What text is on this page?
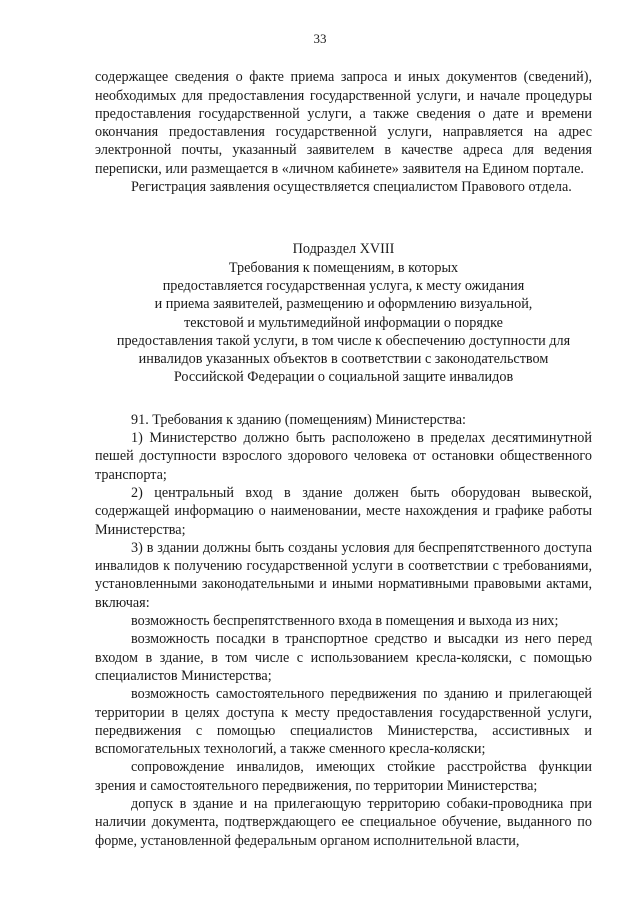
33

содержащее сведения о факте приема запроса и иных документов (сведений), необходимых для предоставления государственной услуги, и начале процедуры предоставления государственной услуги, а также сведения о дате и времени окончания предоставления государственной услуги, направляется на адрес электронной почты, указанный заявителем в качестве адреса для ведения переписки, или размещается в «личном кабинете» заявителя на Едином портале.

Регистрация заявления осуществляется специалистом Правового отдела.

Подраздел XVIII
Требования к помещениям, в которых
предоставляется государственная услуга, к месту ожидания
и приема заявителей, размещению и оформлению визуальной,
текстовой и мультимедийной информации о порядке
предоставления такой услуги, в том числе к обеспечению доступности для
инвалидов указанных объектов в соответствии с законодательством
Российской Федерации о социальной защите инвалидов

91. Требования к зданию (помещениям) Министерства:

1) Министерство должно быть расположено в пределах десятиминутной пешей доступности взрослого здорового человека от остановки общественного транспорта;

2) центральный вход в здание должен быть оборудован вывеской, содержащей информацию о наименовании, месте нахождения и графике работы Министерства;

3) в здании должны быть созданы условия для беспрепятственного доступа инвалидов к получению государственной услуги в соответствии с требованиями, установленными законодательными и иными нормативными правовыми актами, включая:

возможность беспрепятственного входа в помещения и выхода из них;

возможность посадки в транспортное средство и высадки из него перед входом в здание, в том числе с использованием кресла-коляски, с помощью специалистов Министерства;

возможность самостоятельного передвижения по зданию и прилегающей территории в целях доступа к месту предоставления государственной услуги, передвижения с помощью специалистов Министерства, ассистивных и вспомогательных технологий, а также сменного кресла-коляски;

сопровождение инвалидов, имеющих стойкие расстройства функции зрения и самостоятельного передвижения, по территории Министерства;

допуск в здание и на прилегающую территорию собаки-проводника при наличии документа, подтверждающего ее специальное обучение, выданного по форме, установленной федеральным органом исполнительной власти,
